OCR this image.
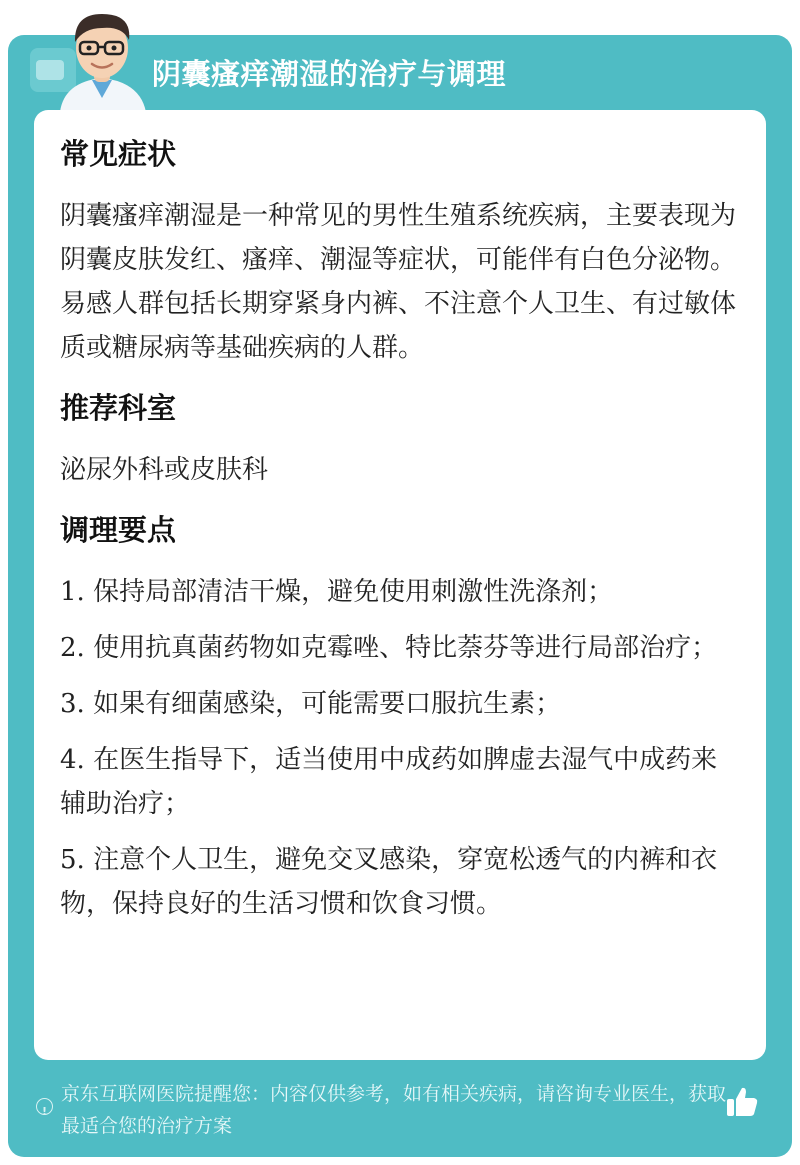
阴囊瘙痒潮湿的治疗与调理
常见症状
阴囊瘙痒潮湿是一种常见的男性生殖系统疾病，主要表现为阴囊皮肤发红、瘙痒、潮湿等症状，可能伴有白色分泌物。易感人群包括长期穿紧身内裤、不注意个人卫生、有过敏体质或糖尿病等基础疾病的人群。
推荐科室
泌尿外科或皮肤科
调理要点
1. 保持局部清洁干燥，避免使用刺激性洗涤剂；
2. 使用抗真菌药物如克霉唑、特比萘芬等进行局部治疗；
3. 如果有细菌感染，可能需要口服抗生素；
4. 在医生指导下，适当使用中成药如脾虚去湿气中成药来辅助治疗；
5. 注意个人卫生，避免交叉感染，穿宽松透气的内裤和衣物，保持良好的生活习惯和饮食习惯。
!
京东互联网医院提醒您：内容仅供参考，如有相关疾病，请咨询专业医生，获取最适合您的治疗方案
